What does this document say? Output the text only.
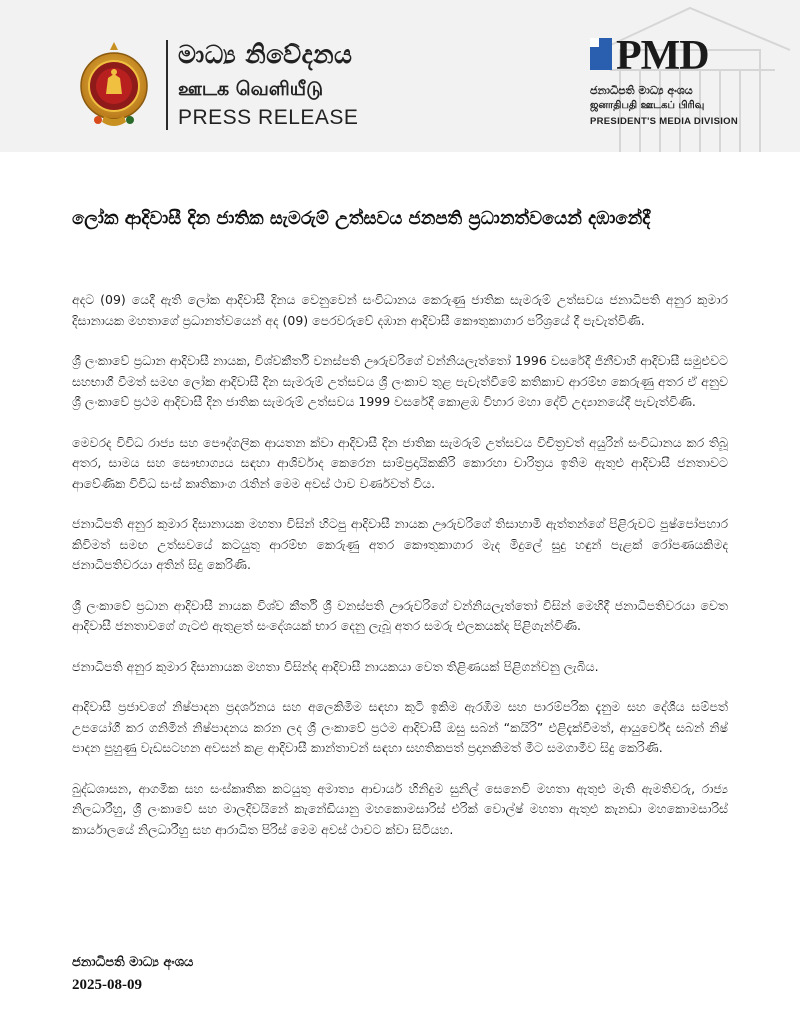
මාධ්‍ය නිවේදනය
ஊடக வெளியீடு
PRESS RELEASE
PMD
ජනාධිපති මාධ්‍ය අංශය
ஜனாதிபதி ஊடகப் பிரிவு
PRESIDENT'S MEDIA DIVISION
ලෝක ආදිවාසී දින ජාතික සැමරුම් උත්සවය ජනපති ප්‍රධානත්වයෙන් දඹානේදී

අදට (09) යෙදී ඇති ලෝක ආදිවාසී දිනය වෙනුවෙන් සංවිධානය කෙරුණු ජාතික සැමරුම් උත්සවය ජනාධිපති අනුර කුමාර දිසානායක මහතාගේ ප්‍රධානත්වයෙන් අද (09) පෙරවරුවේ දඹාන ආදිවාසී කෞතුකාගාර පරිශ්‍රයේ දී පැවැත්විණි.

ශ්‍රී ලංකාවේ ප්‍රධාන ආදිවාසී නායක, විශ්වකීර්ති වනස්පති ඌරුවරිගේ වන්නියලැත්තෝ 1996 වසරේදී ජිනීවාහි ආදිවාසී සමුළුවට සහභාගී වීමත් සමඟ ලෝක ආදිවාසී දින සැමරුම් උත්සවය ශ්‍රී ලංකාව තුළ පැවැත්වීමේ කතිකාව ආරම්භ කෙරුණු අතර ඒ අනුව ශ්‍රී ලංකාවේ ප්‍රථම ආදිවාසී දින ජාතික සැමරුම් උත්සවය 1999 වසරේදී කොළඹ විහාර මහා දේවි උද්‍යානයේදී පැවැත්විණි.

මෙවරද විවිධ රාජ්‍ය සහ පෞද්ගලික ආයතන ක්වා ආදිවාසී දින ජාතික සැමරුම් උත්සවය විචිත්‍රවත් අයුරින් සංවිධානය කර තිබූ අතර, සාමය සහ සෞභාග්‍යය සඳහා ආශිර්වාද කෙරෙන සාම්ප්‍රදායිකකිරි කොරහා චාරිත්‍රය ඉතිම ඇතුළු ආදිවාසී ජනතාවට ආවේණික විවිධ සංස් කෘතිකාංග රැතින් මෙම අවස් ථාව වර්ණවත් විය.

ජනාධිපති අනුර කුමාර දිසානායක මහතා විසින් හිටපු ආදිවාසී නායක ඌරුවරිගේ තිසාහාමි ඇත්තන්ගේ පිළිරුවට පුෂ්පෝපහාර කිවිමත් සමඟ උත්සවයේ කටයුතු ආරම්භ කෙරුණු අතර කෞතුකාගාර මැද මිදුලේ සුදු හඳුන් පැළක් රෝපණයකිමද ජනාධිපතිවරයා අතින් සිදු කෙරිණි.

ශ්‍රී ලංකාවේ ප්‍රධාන ආදිවාසී නායක විශ්ව කීර්ති ශ්‍රී වනස්පති ඌරුවරිගේ වන්නියලැත්තෝ විසින් මෙහිදී ජනාධිපතිවරයා වෙත ආදිවාසී ජනතාවගේ ගැටළු ඇතුළත් සංදේශයක් භාර දෙනු ලැබූ අතර සමරු එලකයක්ද පිළිගැන්විණි.

ජනාධිපති අනුර කුමාර දිසානායක මහතා විසින්ද ආදිවාසී නායකයා වෙත තිළිණයක් පිළිගන්වනු ලැබිය.

ආදිවාසී ප්‍රජාවගේ නිෂ්පාදන ප්‍රදර්ශනය සහ අලෙකිමිම සඳහා කුටි ඉකිම ඇරඹීම සහ පාරම්පරික දැනුම සහ දේශීය සම්පත් උපයෝගී කර ගනිමින් නිෂ්පාදනය කරන ලද ශ්‍රී ලංකාවේ ප්‍රථම ආදිවාසී ඔසු සබන් “කයිරි” එළිදැක්වීමත්, ආයුර්වේද සබන් නිෂ් පාදන පුහුණු වැඩසටහන අවසන් කළ ආදිවාසී කාන්තාවන් සඳහා සහතිකපත් ප්‍රදානකිමත් මීට සමගාමීව සිදු කෙරිණි.

බුද්ධශාසන, ආගමික සහ සංස්කෘතික කටයුතු අමාත්‍ය ආචාර්ය හිනිදුම සුනිල් සෙනෙවි මහතා ඇතුළු මැති ඇමතිවරු, රාජ්‍ය නිලධාරීහු, ශ්‍රී ලංකාවේ සහ මාලදිවයිනේ කැනේඩියානු මහකොමසාරිස් එරික් වොල්ෂ් මහතා ඇතුළු කැනඩා මහකොමසාරිස් කාර්යාලයේ නිලධාරීහු සහ ආරාධිත පිරිස් මෙම අවස් ථාවට ක්වා සිටියහ.

ජනාධිපති මාධ්‍ය අංශය
2025-08-09
